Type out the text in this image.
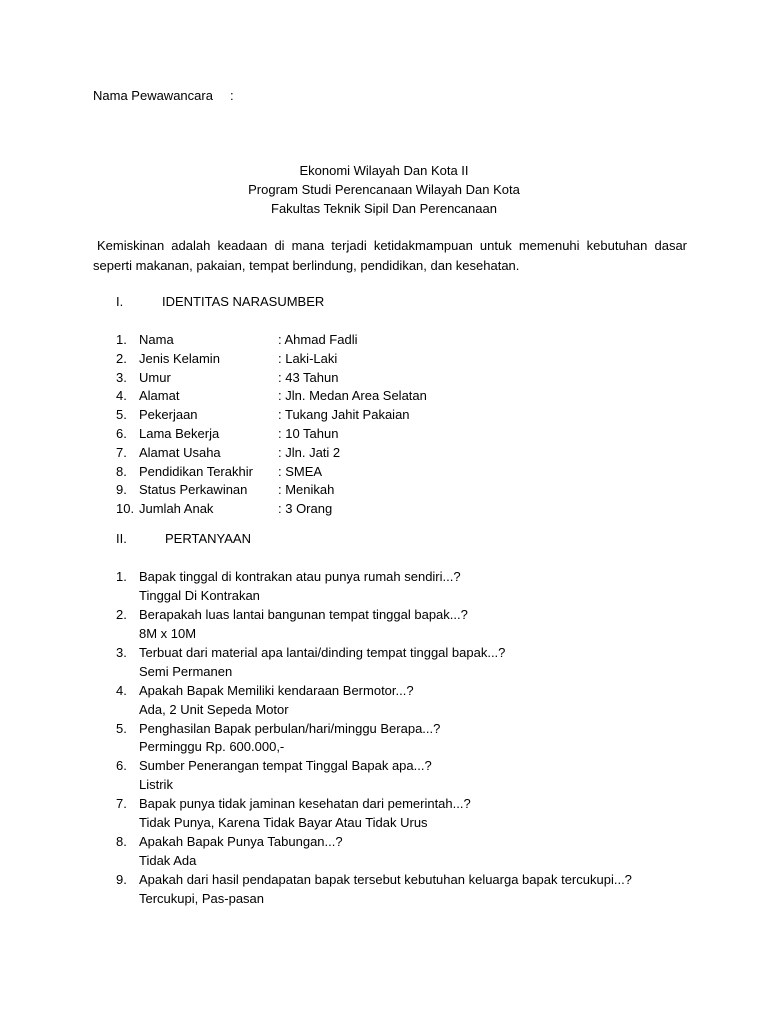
Nama Pewawancara :
Ekonomi Wilayah Dan Kota II
Program Studi Perencanaan Wilayah Dan Kota
Fakultas Teknik Sipil Dan Perencanaan
Kemiskinan adalah keadaan di mana terjadi ketidakmampuan untuk memenuhi kebutuhan dasar seperti makanan, pakaian, tempat berlindung, pendidikan, dan kesehatan.
I.	IDENTITAS NARASUMBER
1. Nama	: Ahmad Fadli
2. Jenis Kelamin	: Laki-Laki
3. Umur	: 43 Tahun
4. Alamat	: Jln. Medan Area Selatan
5. Pekerjaan	: Tukang Jahit Pakaian
6. Lama Bekerja	: 10 Tahun
7. Alamat Usaha	: Jln. Jati 2
8. Pendidikan Terakhir : SMEA
9. Status Perkawinan : Menikah
10. Jumlah Anak	: 3 Orang
II.	PERTANYAAN
1. Bapak tinggal di kontrakan atau punya rumah sendiri...?
Tinggal Di Kontrakan
2. Berapakah luas lantai bangunan tempat tinggal bapak...?
8M x 10M
3. Terbuat dari material apa lantai/dinding tempat tinggal bapak...?
Semi Permanen
4. Apakah Bapak Memiliki kendaraan Bermotor...?
Ada, 2 Unit Sepeda Motor
5. Penghasilan Bapak perbulan/hari/minggu Berapa...?
Perminggu Rp. 600.000,-
6. Sumber Penerangan tempat Tinggal Bapak apa...?
Listrik
7. Bapak punya tidak jaminan kesehatan dari pemerintah...?
Tidak Punya, Karena Tidak Bayar Atau Tidak Urus
8. Apakah Bapak Punya Tabungan...?
Tidak Ada
9. Apakah dari hasil pendapatan bapak tersebut kebutuhan keluarga bapak tercukupi...?
Tercukupi, Pas-pasan
